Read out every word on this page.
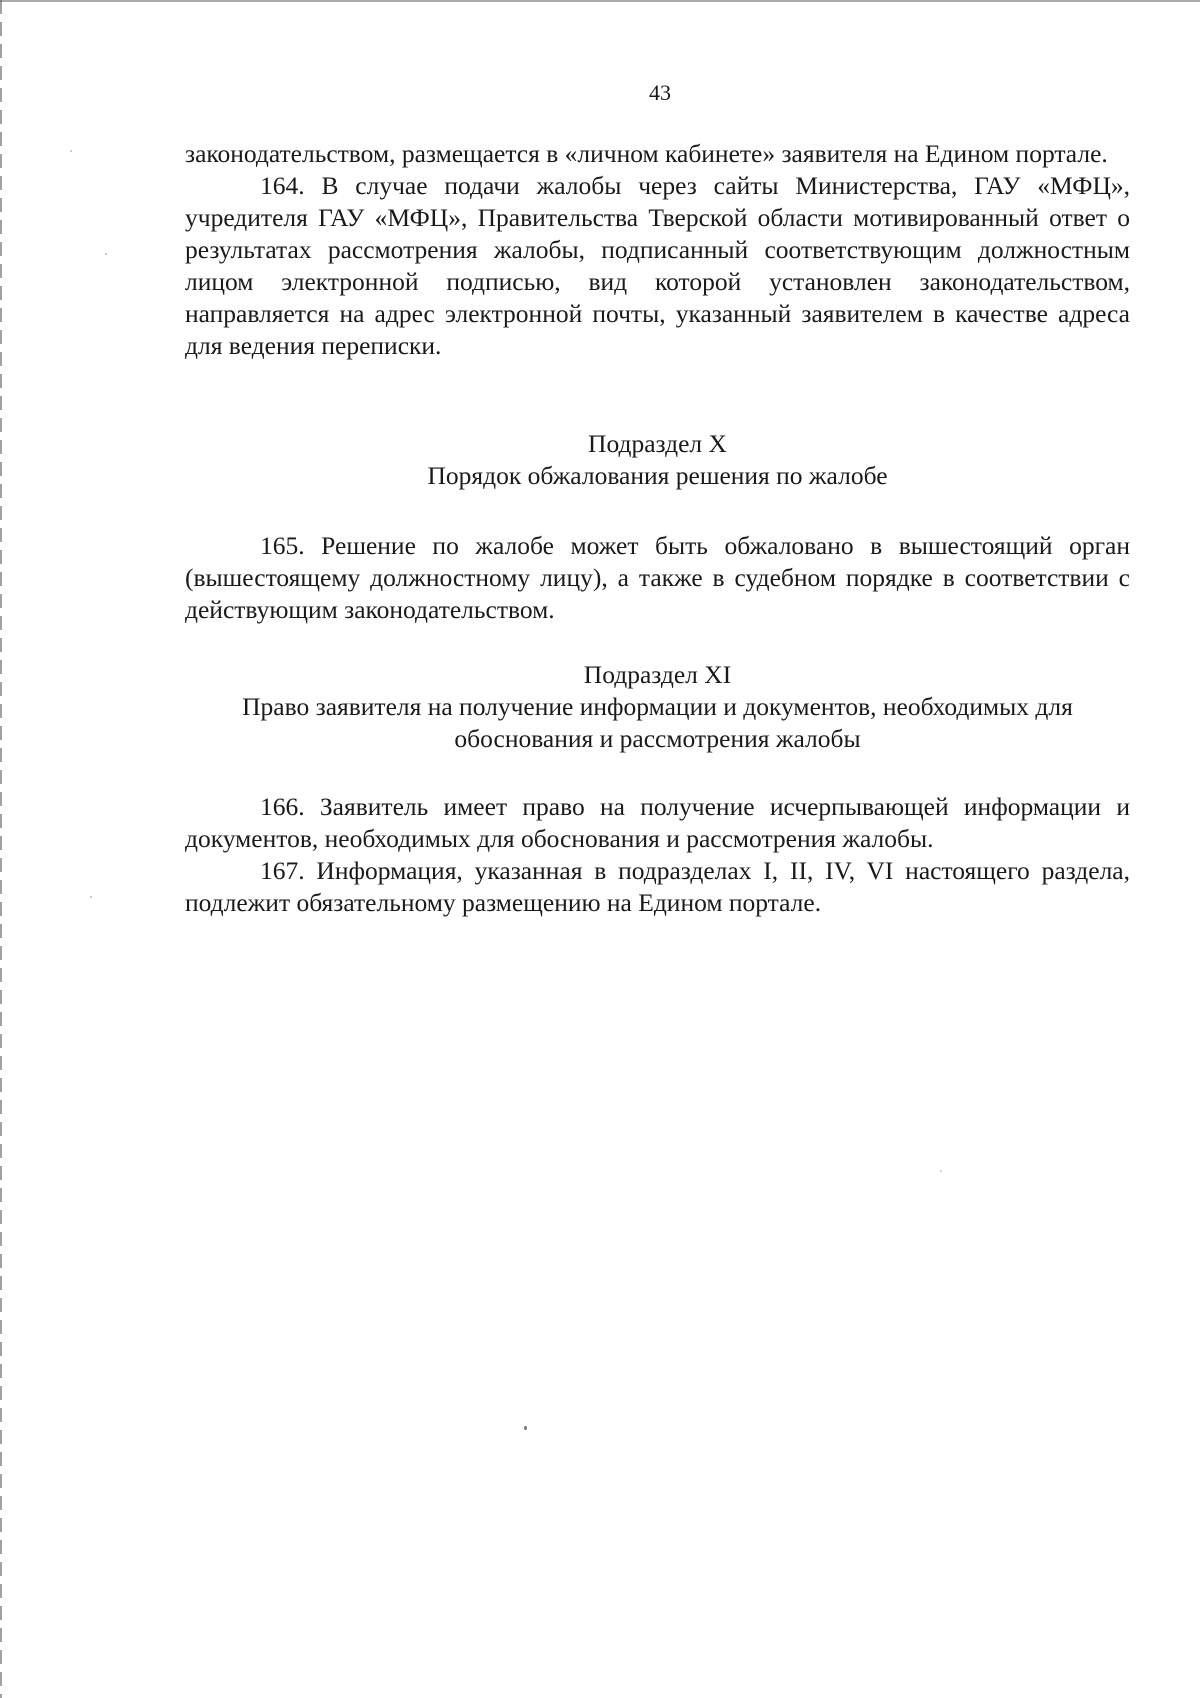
43

законодательством, размещается в «личном кабинете» заявителя на Едином портале.

164. В случае подачи жалобы через сайты Министерства, ГАУ «МФЦ», учредителя ГАУ «МФЦ», Правительства Тверской области мотивированный ответ о результатах рассмотрения жалобы, подписанный соответствующим должностным лицом электронной подписью, вид которой установлен законодательством, направляется на адрес электронной почты, указанный заявителем в качестве адреса для ведения переписки.

Подраздел X

Порядок обжалования решения по жалобе

165. Решение по жалобе может быть обжаловано в вышестоящий орган (вышестоящему должностному лицу), а также в судебном порядке в соответствии с действующим законодательством.

Подраздел XI

Право заявителя на получение информации и документов, необходимых для обоснования и рассмотрения жалобы

166. Заявитель имеет право на получение исчерпывающей информации и документов, необходимых для обоснования и рассмотрения жалобы.

167. Информация, указанная в подразделах I, II, IV, VI настоящего раздела, подлежит обязательному размещению на Едином портале.
